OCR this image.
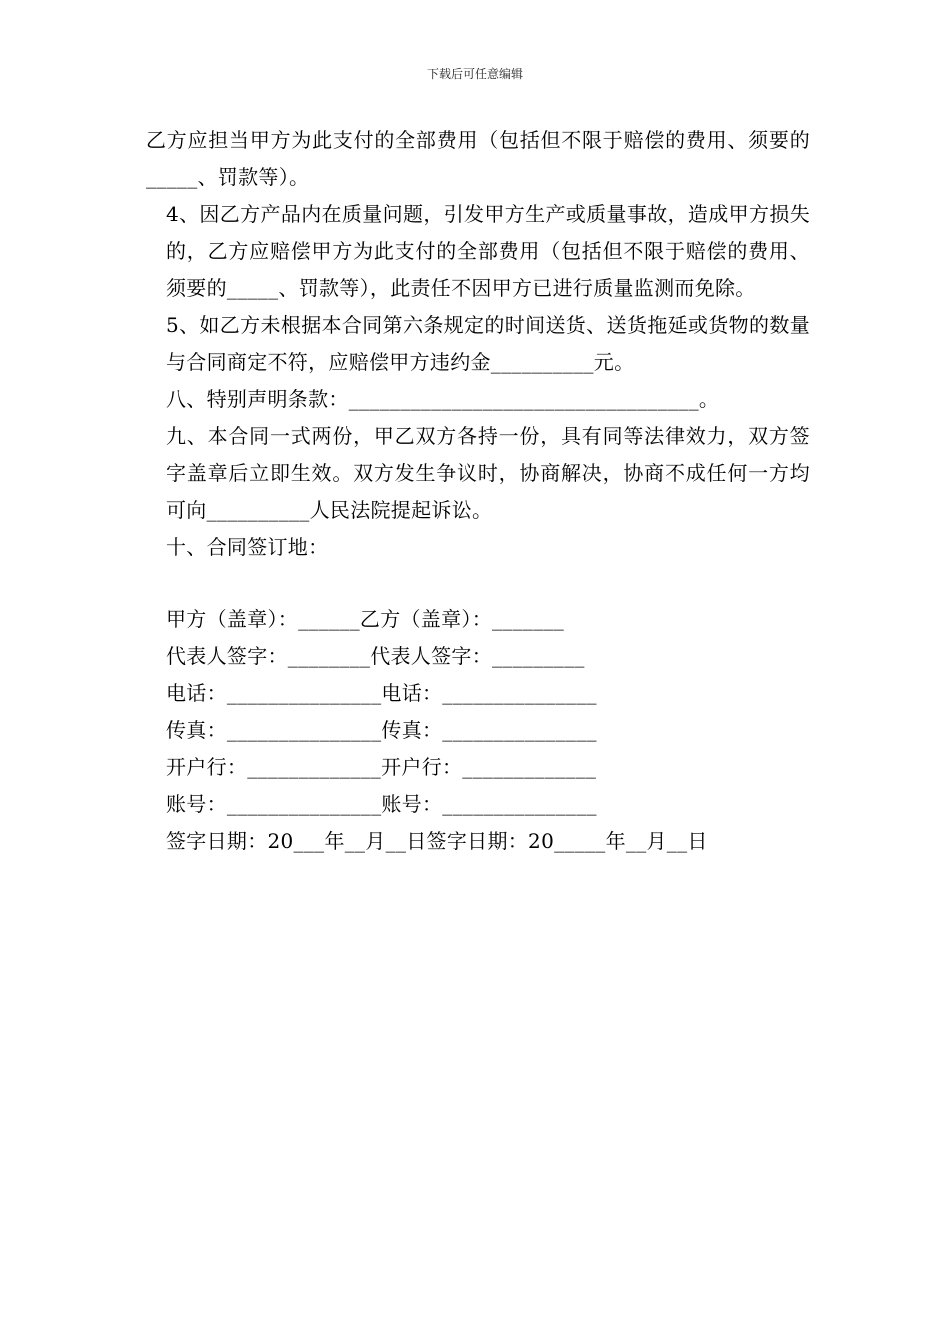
下载后可任意编辑

乙方应担当甲方为此支付的全部费用（包括但不限于赔偿的费用、须要的_____、罚款等）。

4、因乙方产品内在质量问题，引发甲方生产或质量事故，造成甲方损失的，乙方应赔偿甲方为此支付的全部费用（包括但不限于赔偿的费用、须要的_____、罚款等），此责任不因甲方已进行质量监测而免除。

5、如乙方未根据本合同第六条规定的时间送货、送货拖延或货物的数量与合同商定不符，应赔偿甲方违约金__________元。

八、特别声明条款：__________________________________。

九、本合同一式两份，甲乙双方各持一份，具有同等法律效力，双方签字盖章后立即生效。双方发生争议时，协商解决，协商不成任何一方均可向__________人民法院提起诉讼。

十、合同签订地：

甲方（盖章）：______乙方（盖章）：_______
代表人签字：________代表人签字：_________
电话：_______________电话：_______________
传真：_______________传真：_______________
开户行：_____________开户行：_____________
账号：_______________账号：_______________
签字日期：20___年__月__日签字日期：20_____年__月__日
